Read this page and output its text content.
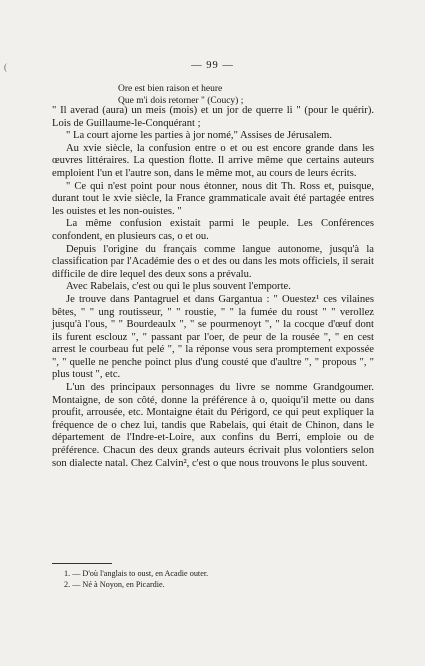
(	— 99 —
Ore est bien raison et heure
Que m'i dois retorner " (Coucy) ;

" Il averad (aura) un meis (mois) et un jor de querre li " (pour le quérir). Lois de Guillaume-le-Conquérant ;

" La court ajorne les parties à jor nomé," Assises de Jérusalem.

Au xvie siècle, la confusion entre o et ou est encore grande dans les œuvres littéraires. La question flotte. Il arrive même que certains auteurs emploient l'un et l'autre son, dans le même mot, au cours de leurs écrits.

" Ce qui n'est point pour nous étonner, nous dit Th. Ross et, puisque, durant tout le xvie siècle, la France grammaticale avait été partagée entres les ouistes et les non-ouistes. "

La même confusion existait parmi le peuple. Les Conférences confondent, en plusieurs cas, o et ou.

Depuis l'origine du français comme langue autonome, jusqu'à la classification par l'Académie des o et des ou dans les mots officiels, il serait difficile de dire lequel des deux sons a prévalu.

Avec Rabelais, c'est ou qui le plus souvent l'emporte.

Je trouve dans Pantagruel et dans Gargantua : " Ouestez¹ ces vilaines bêtes, " " ung routisseur, " " roustie, " " la fumée du roust " " verollez jusqu'à l'ous, " " Bourdeaulx ", " se pourmenoyt ", " la cocque d'œuf dont ils furent esclouz ", " passant par l'oer, de peur de la rousée ", " en cest arrest le courbeau fut pelé ", " la réponse vous sera promptement expossée ", " quelle ne penche poinct plus d'ung cousté que d'aultre ", " propous ", " plus toust ", etc.

L'un des principaux personnages du livre se nomme Grandgoumer. Montaigne, de son côté, donne la préférence à o, quoiqu'il mette ou dans proufit, arrousée, etc. Montaigne était du Périgord, ce qui peut expliquer la fréquence de o chez lui, tandis que Rabelais, qui était de Chinon, dans le département de l'Indre-et-Loire, aux confins du Berri, emploie ou de préférence. Chacun des deux grands auteurs écrivait plus volontiers selon son dialecte natal. Chez Calvin², c'est o que nous trouvons le plus souvent.

1. — D'où l'anglais to oust, en Acadie outer.
2. — Né à Noyon, en Picardie.
